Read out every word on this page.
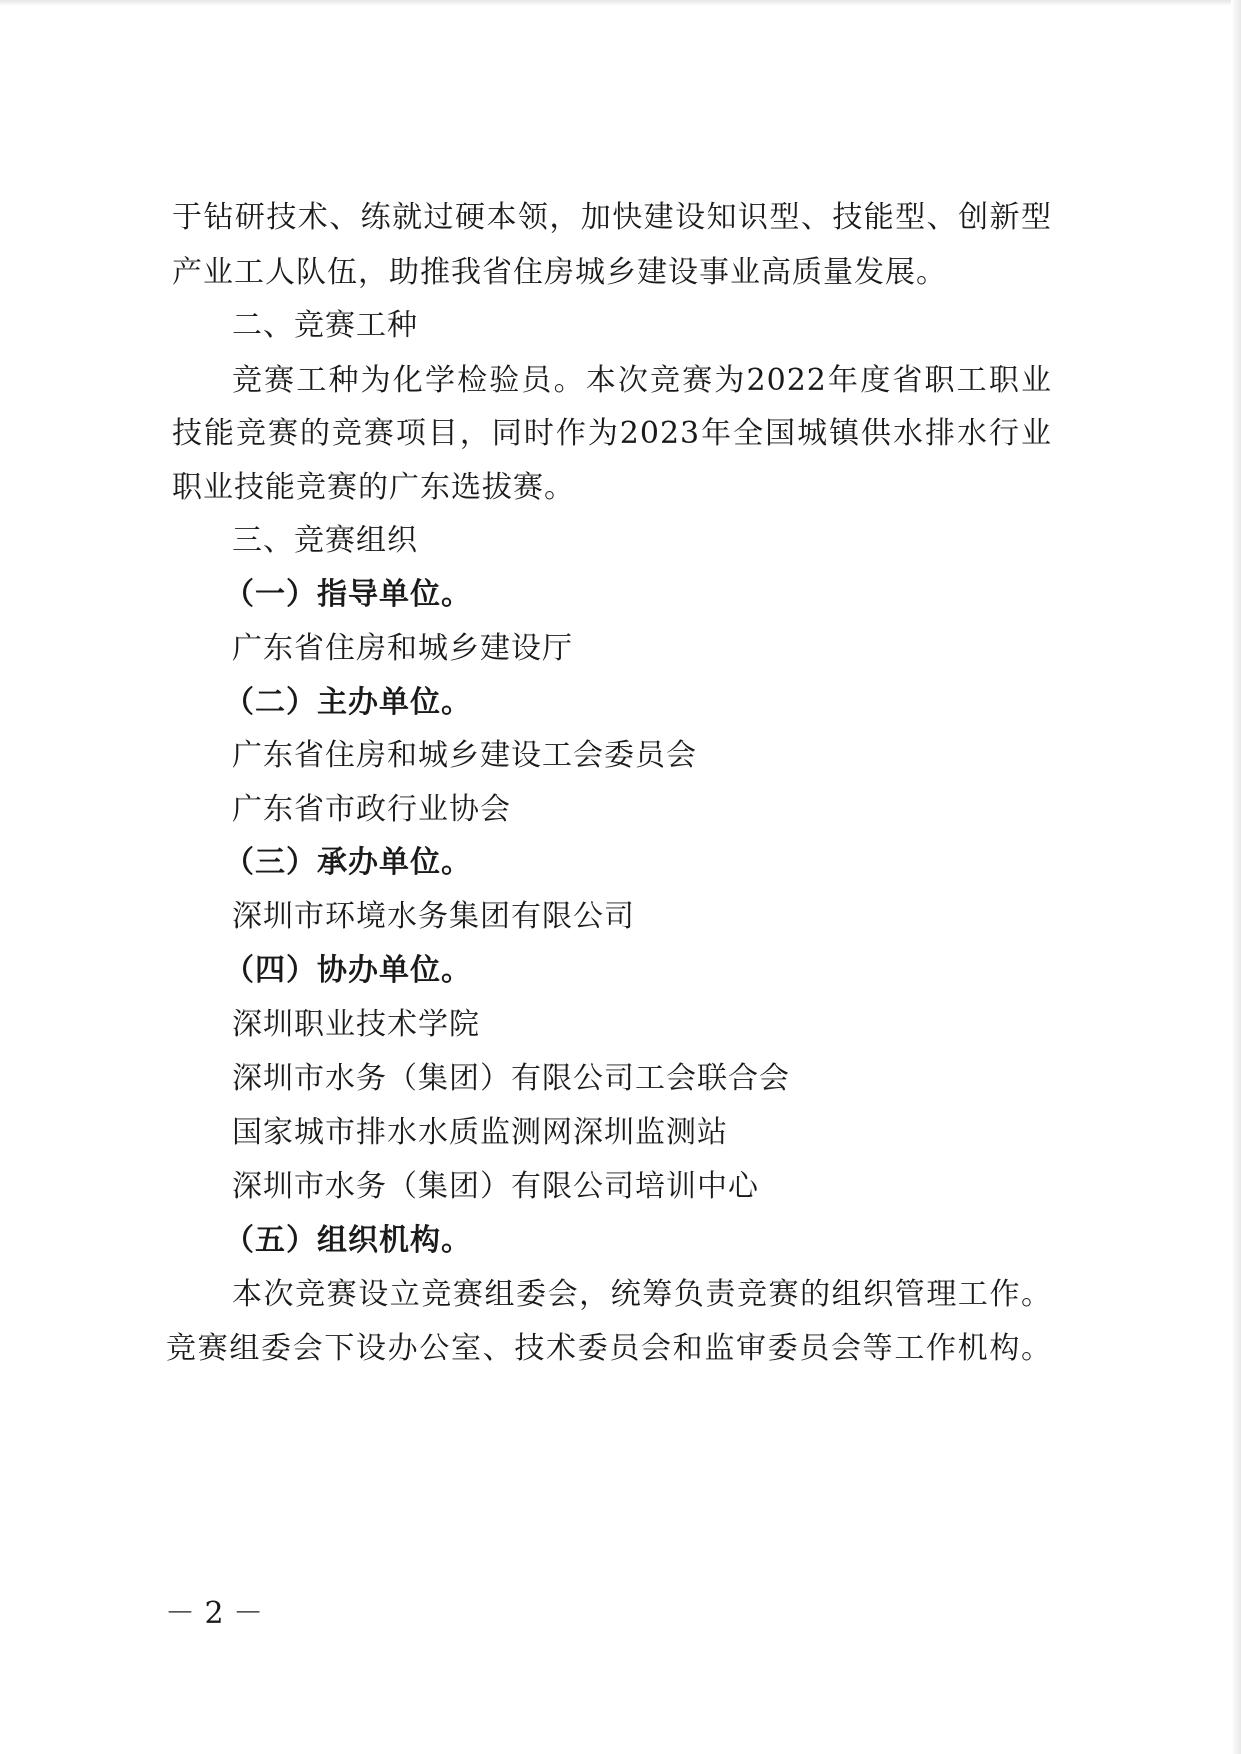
于钻研技术、练就过硬本领，加快建设知识型、技能型、创新型
产业工人队伍，助推我省住房城乡建设事业高质量发展。
二、竞赛工种
竞赛工种为化学检验员。本次竞赛为2022年度省职工职业
技能竞赛的竞赛项目，同时作为2023年全国城镇供水排水行业
职业技能竞赛的广东选拔赛。
三、竞赛组织
（一）指导单位。
广东省住房和城乡建设厅
（二）主办单位。
广东省住房和城乡建设工会委员会
广东省市政行业协会
（三）承办单位。
深圳市环境水务集团有限公司
（四）协办单位。
深圳职业技术学院
深圳市水务（集团）有限公司工会联合会
国家城市排水水质监测网深圳监测站
深圳市水务（集团）有限公司培训中心
（五）组织机构。
本次竞赛设立竞赛组委会，统筹负责竞赛的组织管理工作。
竞赛组委会下设办公室、技术委员会和监审委员会等工作机构。
－ 2 －
